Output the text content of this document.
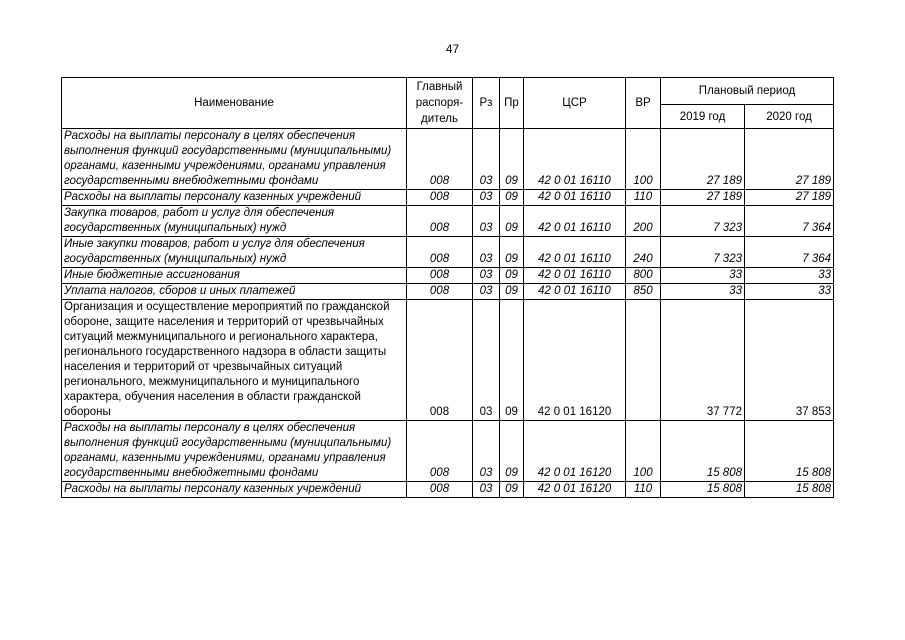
47
Наименование	Главный
распоря-
дитель	Рз	Пр	ЦСР	ВР	Плановый период	
						2019 год	2020 год
Расходы на выплаты персоналу в целях обеспечения выполнения функций государственными (муниципальными) органами, казенными учреждениями, органами управления государственными внебюджетными фондами	008	03	09	42 0 01 16110	100	27 189	27 189
Расходы на выплаты персоналу казенных учреждений	008	03	09	42 0 01 16110	110	27 189	27 189
Закупка товаров, работ и услуг для обеспечения государственных (муниципальных) нужд	008	03	09	42 0 01 16110	200	7 323	7 364
Иные закупки товаров, работ и услуг для обеспечения государственных (муниципальных) нужд	008	03	09	42 0 01 16110	240	7 323	7 364
Иные бюджетные ассигнования	008	03	09	42 0 01 16110	800	33	33
Уплата налогов, сборов и иных платежей	008	03	09	42 0 01 16110	850	33	33
Организация и осуществление мероприятий по гражданской обороне, защите населения и территорий от чрезвычайных ситуаций межмуниципального и регионального характера, регионального государственного надзора в области защиты населения и территорий от чрезвычайных ситуаций регионального, межмуниципального и муниципального характера, обучения населения в области гражданской обороны	008	03	09	42 0 01 16120		37 772	37 853
Расходы на выплаты персоналу в целях обеспечения выполнения функций государственными (муниципальными) органами, казенными учреждениями, органами управления государственными внебюджетными фондами	008	03	09	42 0 01 16120	100	15 808	15 808
Расходы на выплаты персоналу казенных учреждений	008	03	09	42 0 01 16120	110	15 808	15 808
